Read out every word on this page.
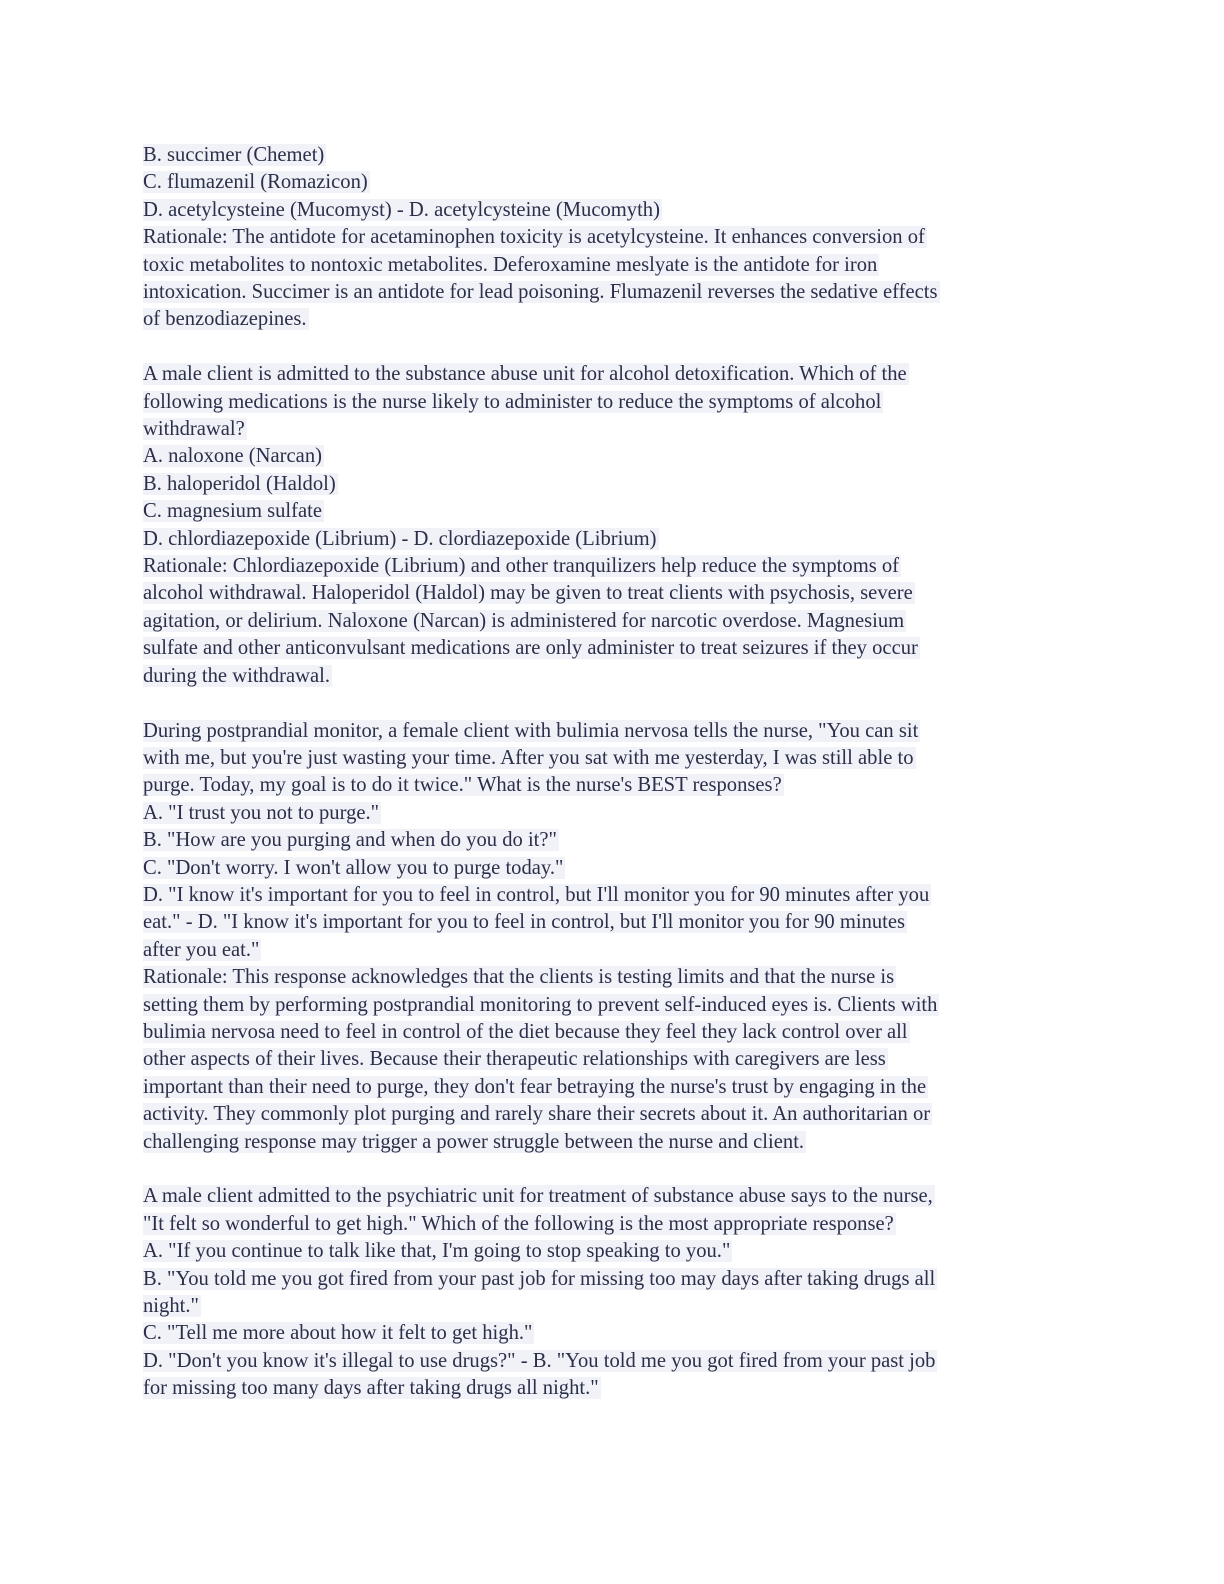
B. succimer (Chemet)
C. flumazenil (Romazicon)
D. acetylcysteine (Mucomyst) - D. acetylcysteine (Mucomyth)
Rationale: The antidote for acetaminophen toxicity is acetylcysteine. It enhances conversion of
toxic metabolites to nontoxic metabolites. Deferoxamine meslyate is the antidote for iron
intoxication. Succimer is an antidote for lead poisoning. Flumazenil reverses the sedative effects
of benzodiazepines.
A male client is admitted to the substance abuse unit for alcohol detoxification. Which of the
following medications is the nurse likely to administer to reduce the symptoms of alcohol
withdrawal?
A. naloxone (Narcan)
B. haloperidol (Haldol)
C. magnesium sulfate
D. chlordiazepoxide (Librium) - D. clordiazepoxide (Librium)
Rationale: Chlordiazepoxide (Librium) and other tranquilizers help reduce the symptoms of
alcohol withdrawal. Haloperidol (Haldol) may be given to treat clients with psychosis, severe
agitation, or delirium. Naloxone (Narcan) is administered for narcotic overdose. Magnesium
sulfate and other anticonvulsant medications are only administer to treat seizures if they occur
during the withdrawal.
During postprandial monitor, a female client with bulimia nervosa tells the nurse, "You can sit
with me, but you're just wasting your time. After you sat with me yesterday, I was still able to
purge. Today, my goal is to do it twice." What is the nurse's BEST responses?
A. "I trust you not to purge."
B. "How are you purging and when do you do it?"
C. "Don't worry. I won't allow you to purge today."
D. "I know it's important for you to feel in control, but I'll monitor you for 90 minutes after you
eat." - D. "I know it's important for you to feel in control, but I'll monitor you for 90 minutes
after you eat."
Rationale: This response acknowledges that the clients is testing limits and that the nurse is
setting them by performing postprandial monitoring to prevent self-induced eyes is. Clients with
bulimia nervosa need to feel in control of the diet because they feel they lack control over all
other aspects of their lives. Because their therapeutic relationships with caregivers are less
important than their need to purge, they don't fear betraying the nurse's trust by engaging in the
activity. They commonly plot purging and rarely share their secrets about it. An authoritarian or
challenging response may trigger a power struggle between the nurse and client.
A male client admitted to the psychiatric unit for treatment of substance abuse says to the nurse,
"It felt so wonderful to get high." Which of the following is the most appropriate response?
A. "If you continue to talk like that, I'm going to stop speaking to you."
B. "You told me you got fired from your past job for missing too may days after taking drugs all
night."
C. "Tell me more about how it felt to get high."
D. "Don't you know it's illegal to use drugs?" - B. "You told me you got fired from your past job
for missing too many days after taking drugs all night."
